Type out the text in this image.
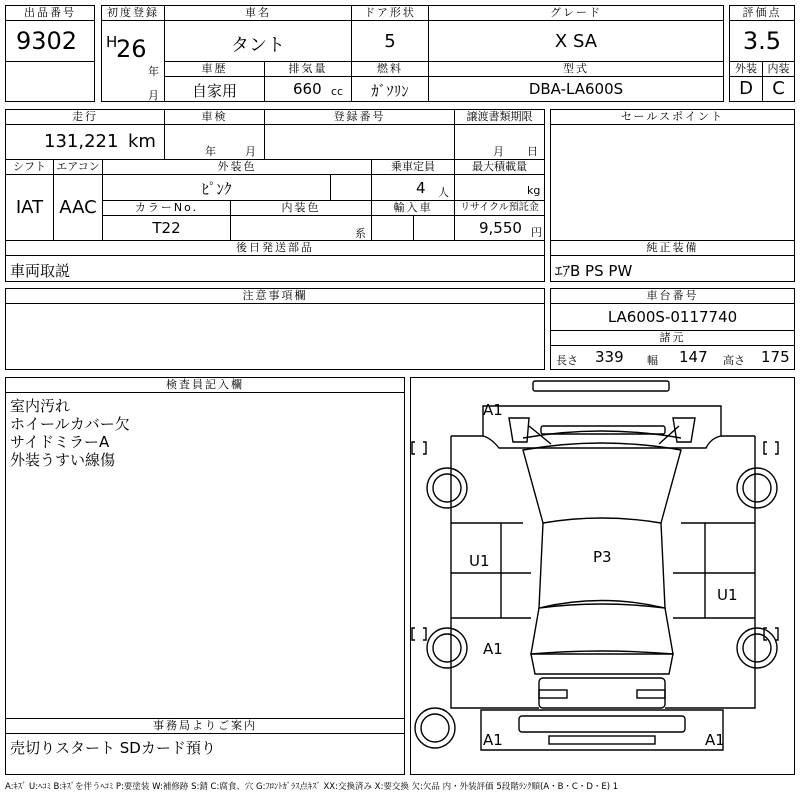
出品番号
9302
初度登録
H
26
年
月
車名
タント
ドア形状
5
グレード
X SA
評価点
3.5
外装 内装
D	C
車歴
自家用
排気量
660 cc
燃料
ｶﾞｿﾘﾝ
型式
DBA-LA600S
走行
131,221 km
車検
年	月
登録番号	譲渡書類期限
月 日
シフト
IAT
エアコン
AAC
外装色
ﾋﾟﾝｸ
乗車定員
4 人
最大積載量
kg
カラーNo.
T22
内装色
系
輸入車	リサイクル預託金
9,550 円
セールスポイント
後日発送部品
車両取説
純正装備
ｴｱB PS PW
注意事項欄	車台番号
LA600S-0117740
諸元
長さ 339 幅 147 高さ 175
検査員記入欄
室内汚れ
ホイールカバー欠
サイドミラーA
外装うすい線傷
事務局よりご案内
売切りスタート SDカード預り
A1
U1	P3
U1
A1
A1	A1
A:ｷｽﾞ U:ﾍｺﾐ B:ｷｽﾞを伴うﾍｺﾐ P:要塗装 W:補修跡 S:錆 C:腐食、穴 G:ﾌﾛﾝﾄｶﾞﾗｽ点ｷｽﾞ XX:交換済み X:要交換 欠:欠品 内・外装評価 5段階ﾗﾝｸ順(A・B・C・D・E) 1
